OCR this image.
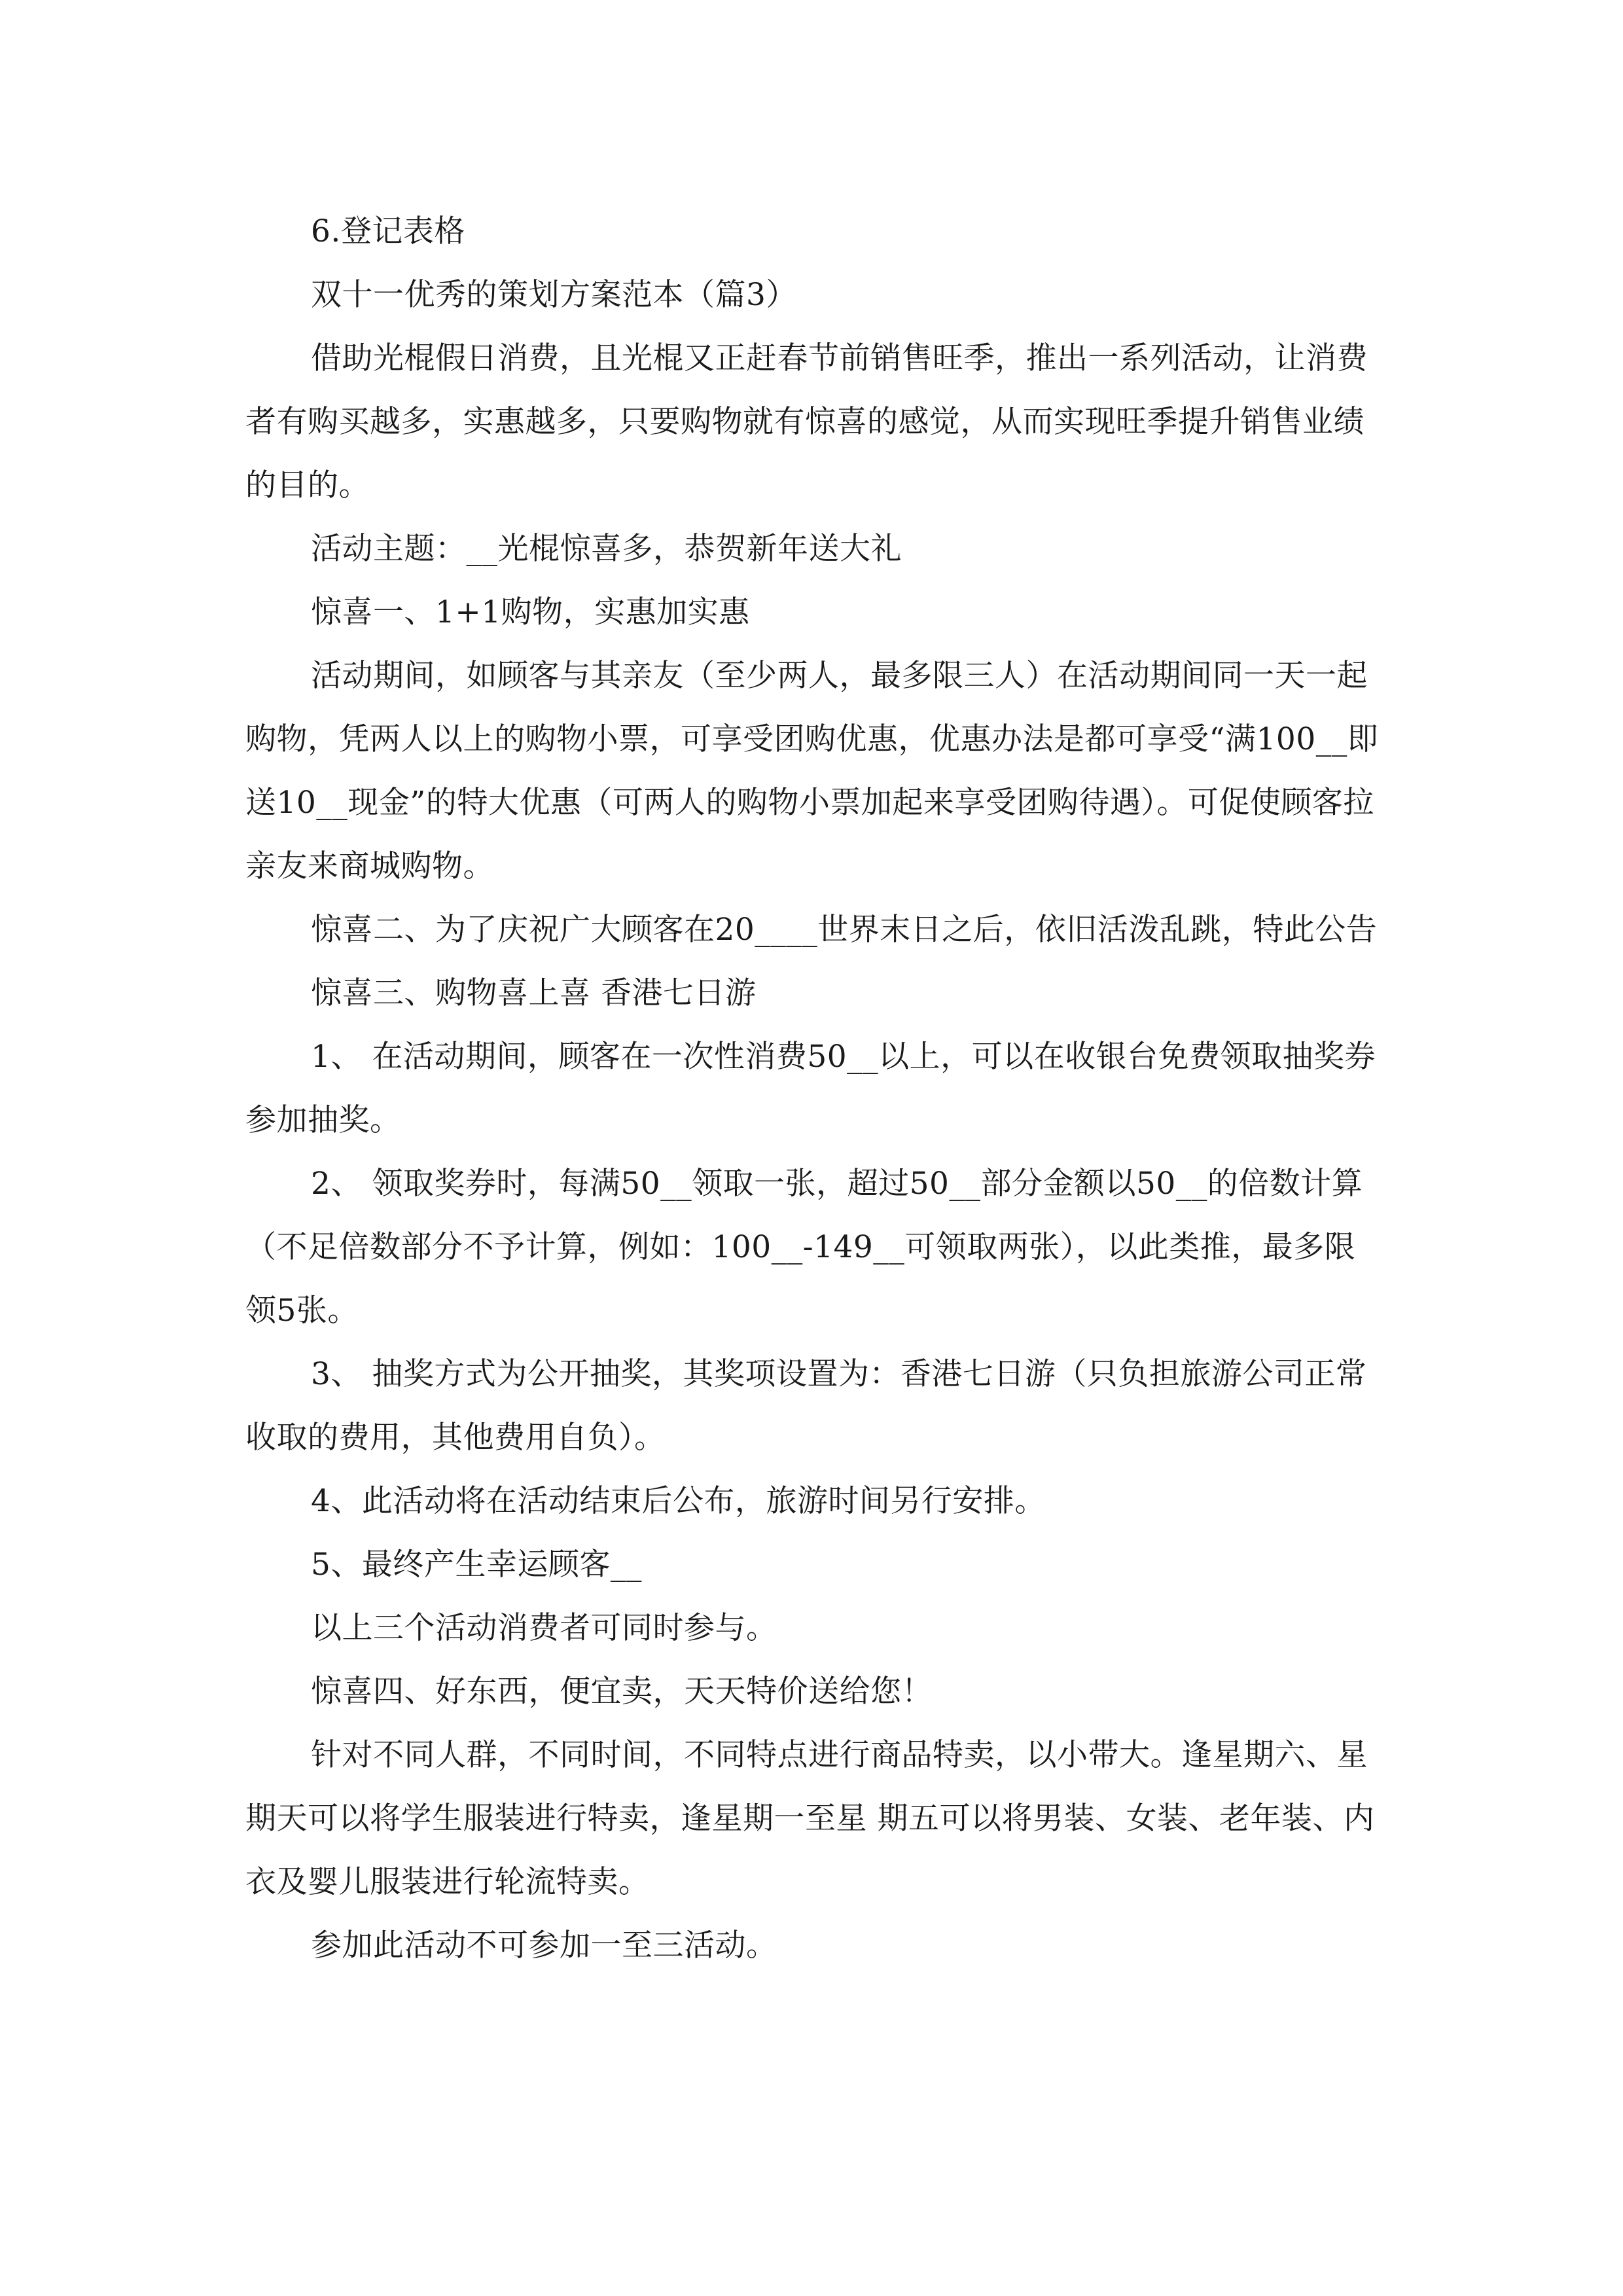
6.登记表格

双十一优秀的策划方案范本（篇3）

借助光棍假日消费，且光棍又正赶春节前销售旺季，推出一系列活动，让消费者有购买越多，实惠越多，只要购物就有惊喜的感觉，从而实现旺季提升销售业绩的目的。

活动主题：__光棍惊喜多，恭贺新年送大礼

惊喜一、1+1购物，实惠加实惠

活动期间，如顾客与其亲友（至少两人，最多限三人）在活动期间同一天一起购物，凭两人以上的购物小票，可享受团购优惠，优惠办法是都可享受“满100__即送10__现金”的特大优惠（可两人的购物小票加起来享受团购待遇）。可促使顾客拉亲友来商城购物。

惊喜二、为了庆祝广大顾客在20____世界末日之后，依旧活泼乱跳，特此公告

惊喜三、购物喜上喜 香港七日游

1、 在活动期间，顾客在一次性消费50__以上，可以在收银台免费领取抽奖券参加抽奖。

2、 领取奖券时，每满50__领取一张，超过50__部分金额以50__的倍数计算（不足倍数部分不予计算，例如：100__-149__可领取两张），以此类推，最多限领5张。

3、 抽奖方式为公开抽奖，其奖项设置为：香港七日游（只负担旅游公司正常收取的费用，其他费用自负）。

4、此活动将在活动结束后公布，旅游时间另行安排。

5、最终产生幸运顾客__

以上三个活动消费者可同时参与。

惊喜四、好东西，便宜卖，天天特价送给您！

针对不同人群，不同时间，不同特点进行商品特卖，以小带大。逢星期六、星期天可以将学生服装进行特卖，逢星期一至星 期五可以将男装、女装、老年装、内衣及婴儿服装进行轮流特卖。

参加此活动不可参加一至三活动。
